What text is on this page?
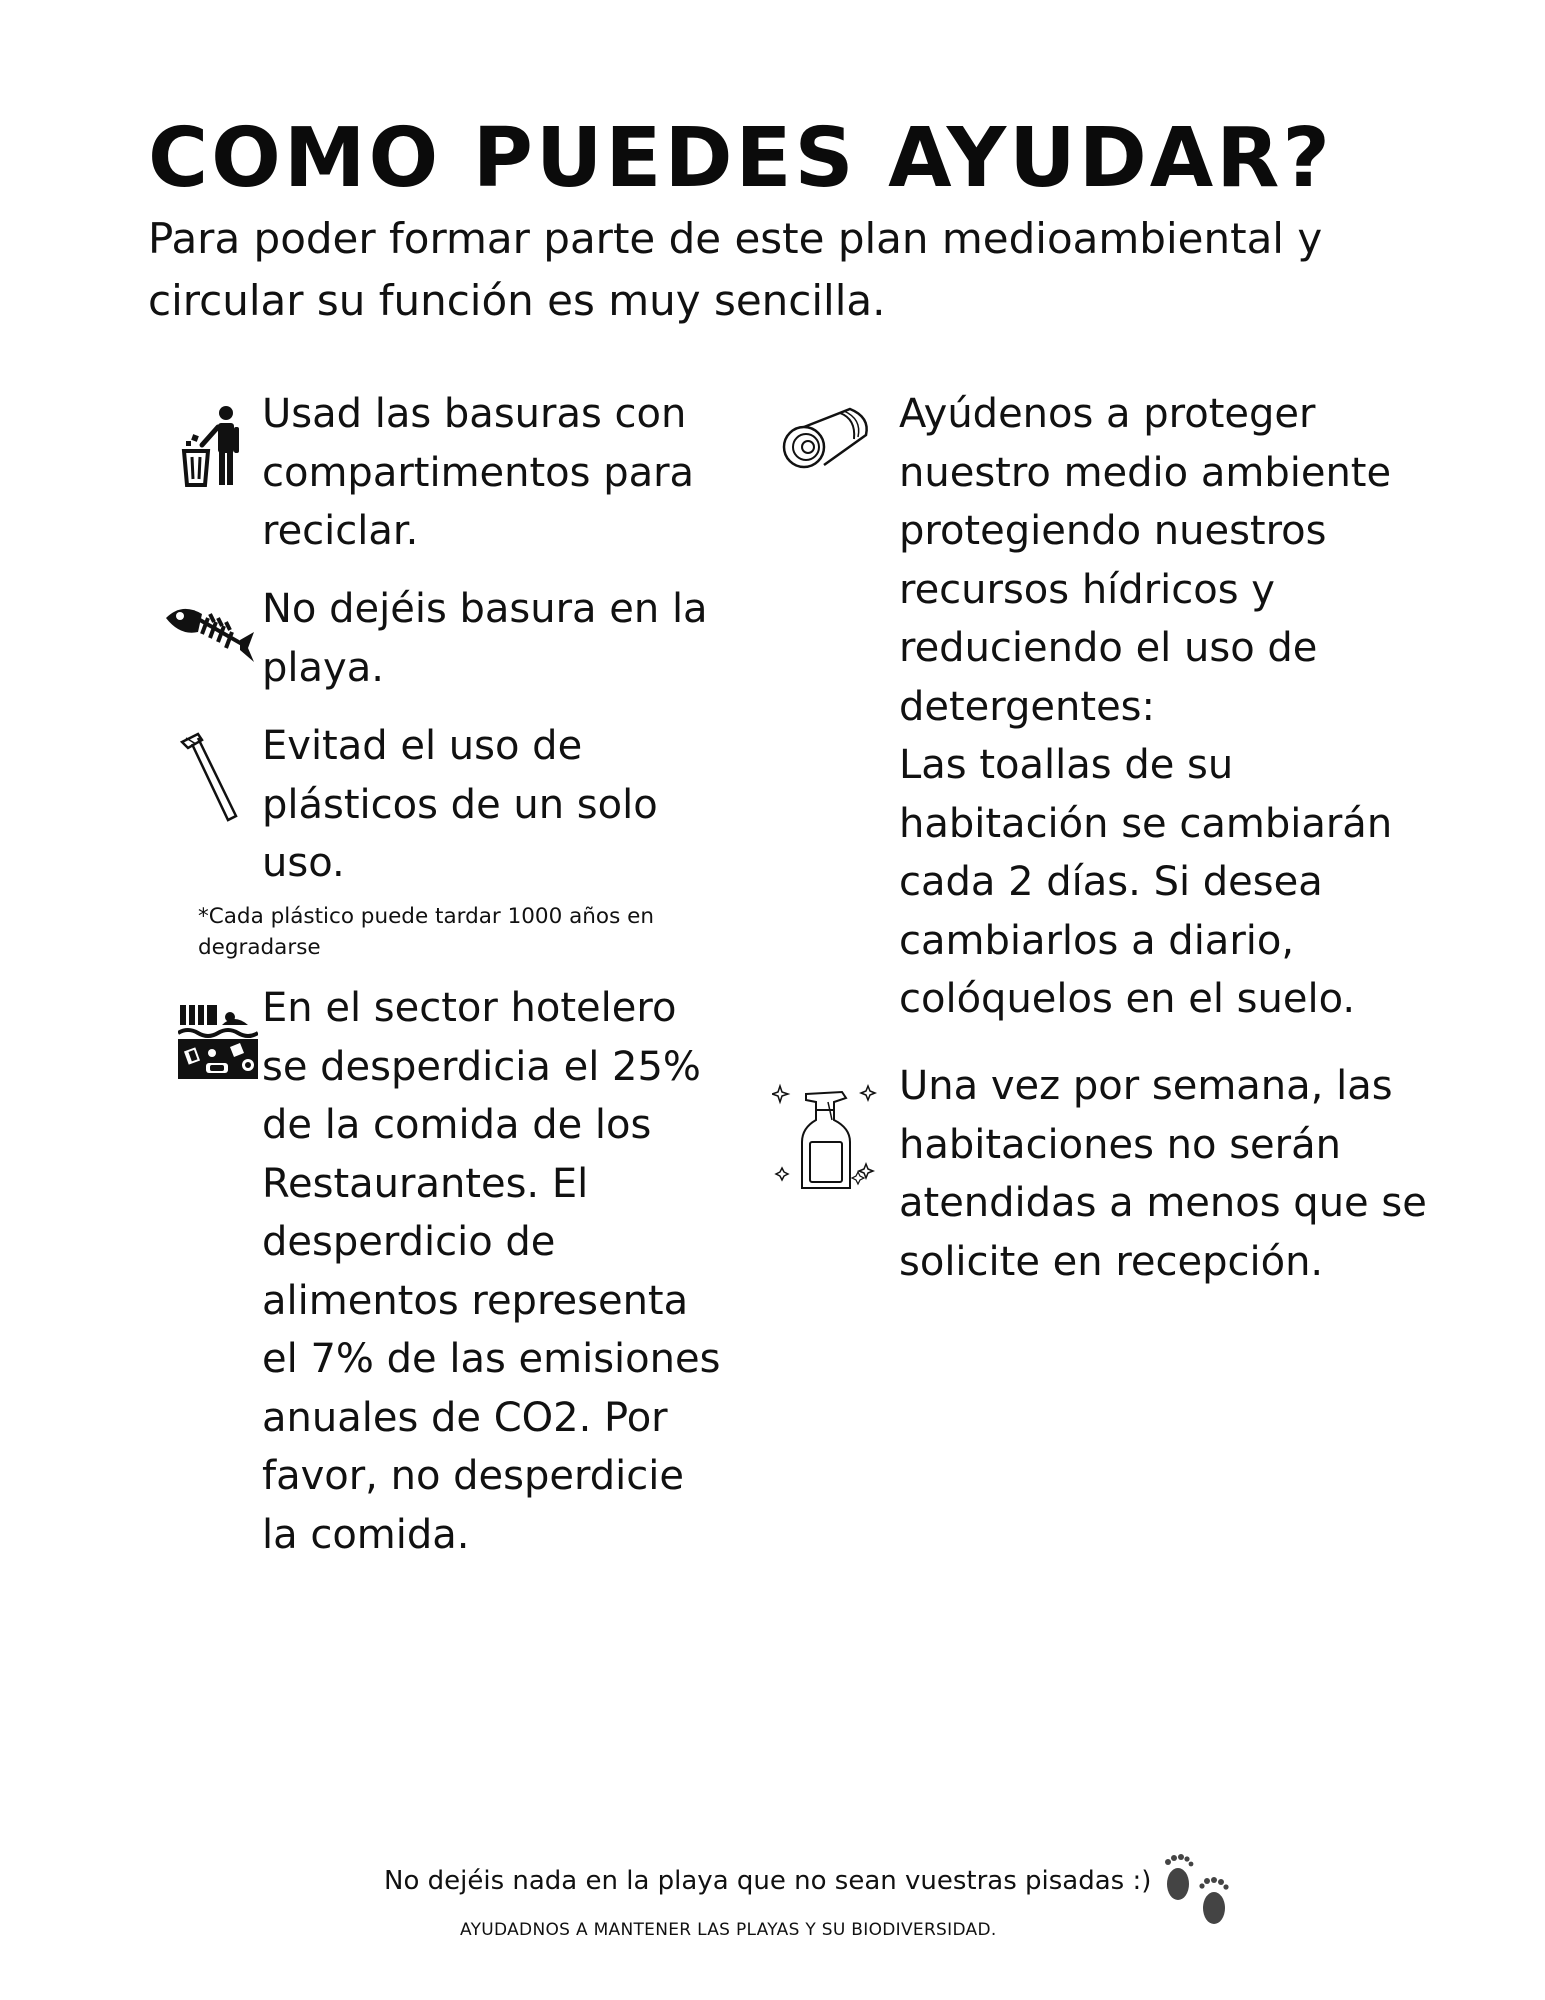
COMO PUEDES AYUDAR?

Para poder formar parte de este plan medioambiental y circular su función es muy sencilla.

Usad las basuras con compartimentos para reciclar.
No dejéis basura en la playa.
Evitad el uso de plásticos de un solo uso.
*Cada plástico puede tardar 1000 años en degradarse
En el sector hotelero se desperdicia el 25% de la comida de los Restaurantes. El desperdicio de alimentos representa el 7% de las emisiones anuales de CO2. Por favor, no desperdicie la comida.
Ayúdenos a proteger nuestro medio ambiente protegiendo nuestros recursos hídricos y reduciendo el uso de detergentes:
Las toallas de su habitación se cambiarán cada 2 días. Si desea cambiarlos a diario, colóquelos en el suelo.
Una vez por semana, las habitaciones no serán atendidas a menos que se solicite en recepción.
No dejéis nada en la playa que no sean vuestras pisadas :)
AYUDADNOS A MANTENER LAS PLAYAS Y SU BIODIVERSIDAD.
